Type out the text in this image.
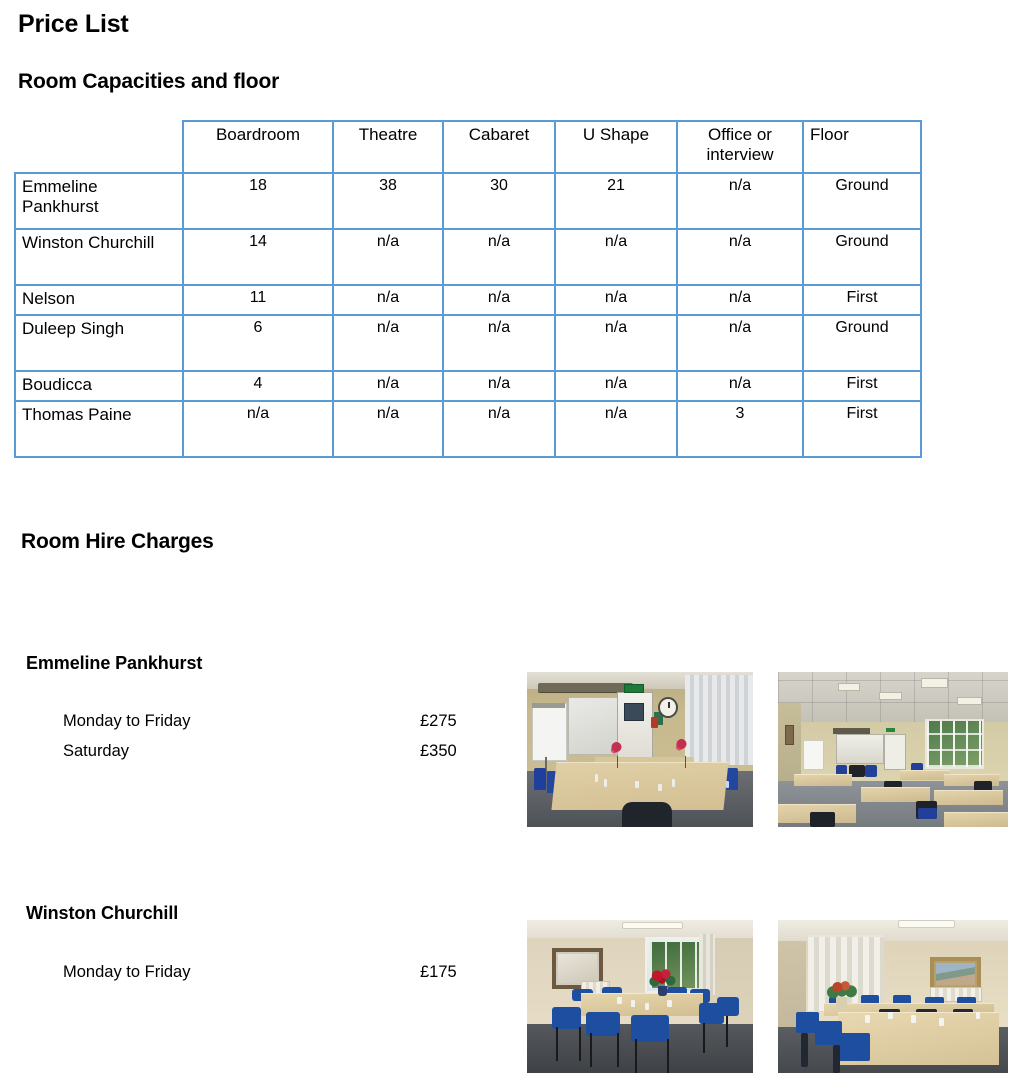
Price List
Room Capacities and floor
	Boardroom	Theatre	Cabaret	U Shape	Office or interview	Floor
Emmeline Pankhurst	18	38	30	21	n/a	Ground
Winston Churchill	14	n/a	n/a	n/a	n/a	Ground
Nelson	11	n/a	n/a	n/a	n/a	First
Duleep Singh	6	n/a	n/a	n/a	n/a	Ground
Boudicca	4	n/a	n/a	n/a	n/a	First
Thomas Paine	n/a	n/a	n/a	n/a	3	First
Room Hire Charges
Emmeline Pankhurst
Monday to Friday	£275
Saturday	£350
Winston Churchill
Monday to Friday	£175
